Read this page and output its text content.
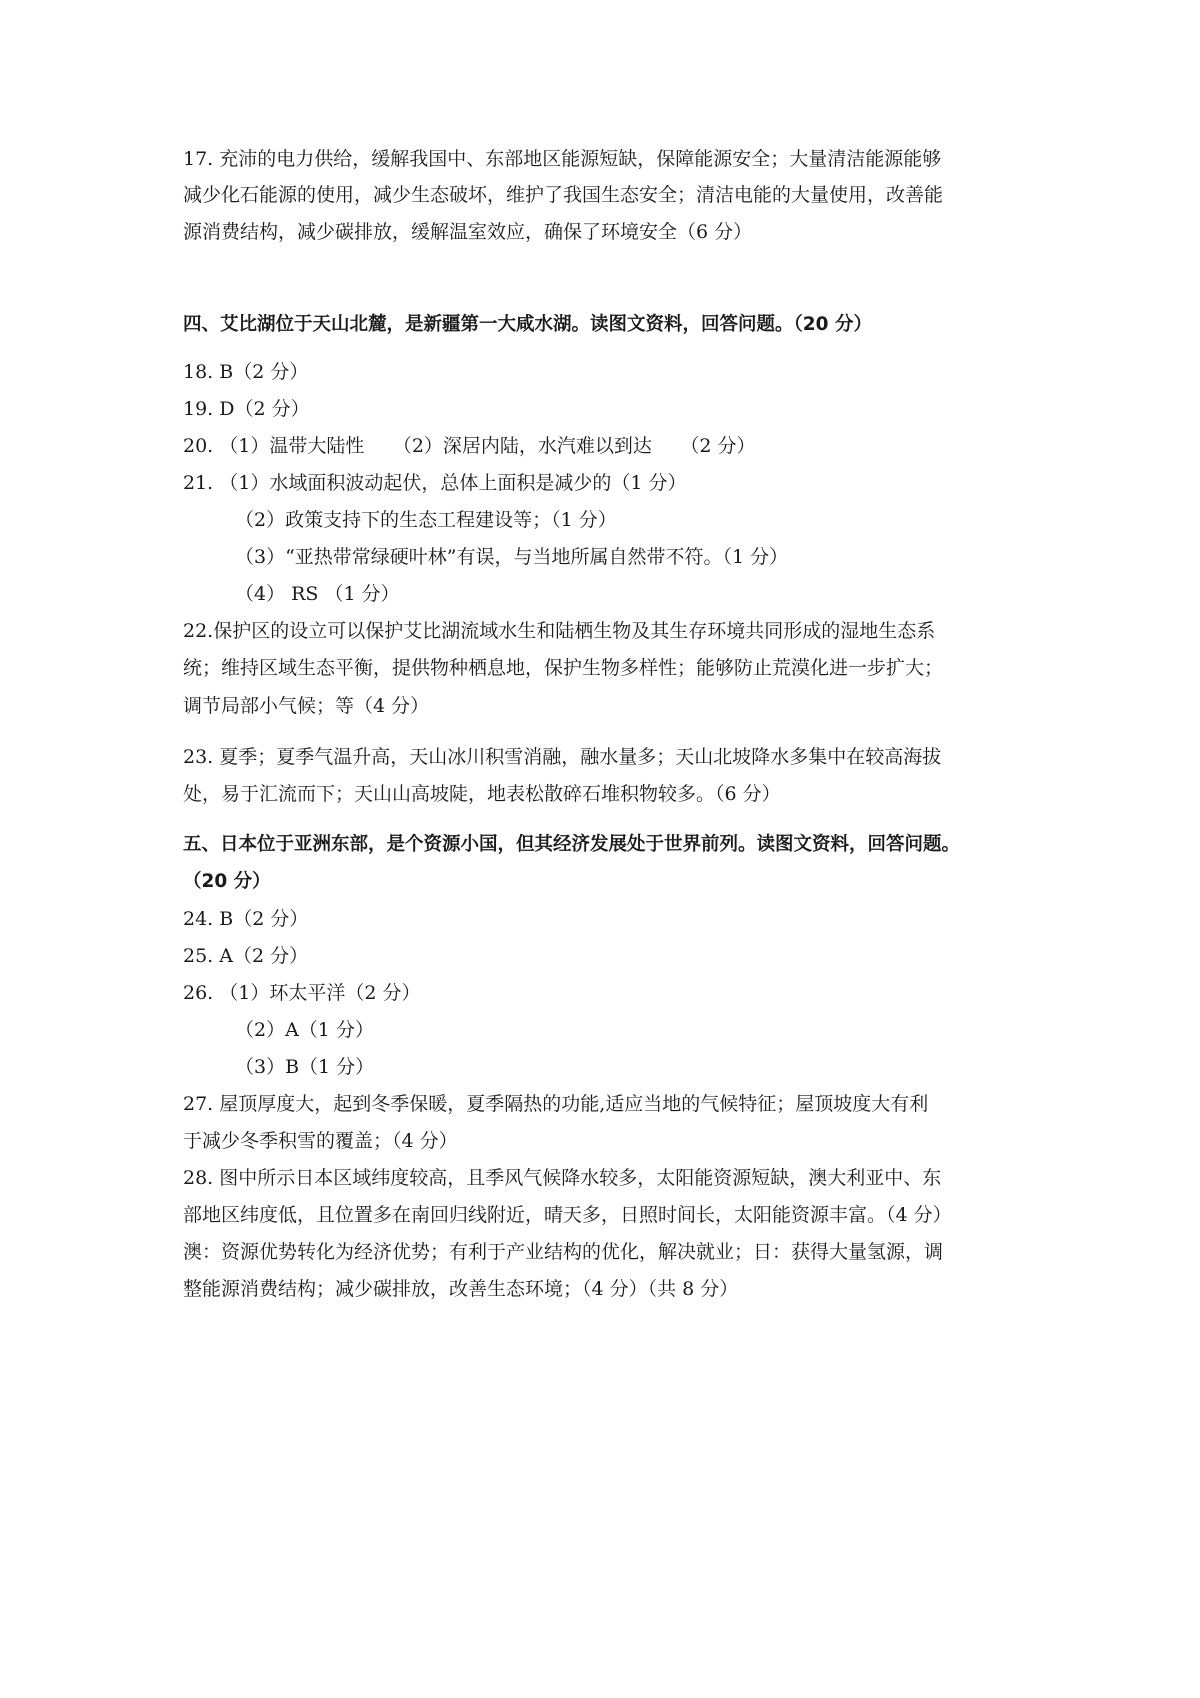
17. 充沛的电力供给，缓解我国中、东部地区能源短缺，保障能源安全；大量清洁能源能够
减少化石能源的使用，减少生态破坏，维护了我国生态安全；清洁电能的大量使用，改善能
源消费结构，减少碳排放，缓解温室效应，确保了环境安全（6 分）
四、艾比湖位于天山北麓，是新疆第一大咸水湖。读图文资料，回答问题。（20 分）
18. B（2 分）
19. D（2 分）
20. （1）温带大陆性　　（2）深居内陆，水汽难以到达　　（2 分）
21. （1）水域面积波动起伏，总体上面积是减少的（1 分）
（2）政策支持下的生态工程建设等；（1 分）
（3）“亚热带常绿硬叶林”有误，与当地所属自然带不符。（1 分）
（4） RS （1 分）
22.保护区的设立可以保护艾比湖流域水生和陆栖生物及其生存环境共同形成的湿地生态系
统；维持区域生态平衡，提供物种栖息地，保护生物多样性；能够防止荒漠化进一步扩大；
调节局部小气候；等（4 分）
23. 夏季；夏季气温升高，天山冰川积雪消融，融水量多；天山北坡降水多集中在较高海拔
处，易于汇流而下；天山山高坡陡，地表松散碎石堆积物较多。（6 分）
五、日本位于亚洲东部，是个资源小国，但其经济发展处于世界前列。读图文资料，回答问题。
（20 分）
24. B（2 分）
25. A（2 分）
26. （1）环太平洋（2 分）
（2）A（1 分）
（3）B（1 分）
27. 屋顶厚度大，起到冬季保暖，夏季隔热的功能,适应当地的气候特征；屋顶坡度大有利
于减少冬季积雪的覆盖；（4 分）
28. 图中所示日本区域纬度较高，且季风气候降水较多，太阳能资源短缺，澳大利亚中、东
部地区纬度低，且位置多在南回归线附近，晴天多，日照时间长，太阳能资源丰富。（4 分）
澳：资源优势转化为经济优势；有利于产业结构的优化，解决就业；日：获得大量氢源，调
整能源消费结构；减少碳排放，改善生态环境；（4 分）（共 8 分）
